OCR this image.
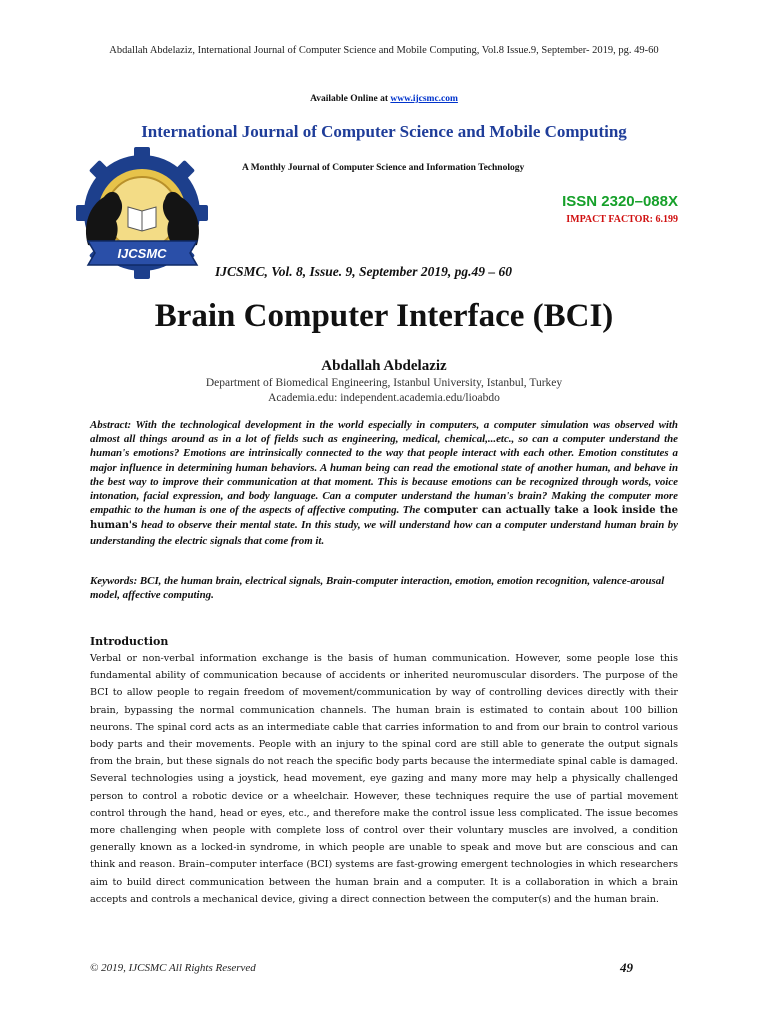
Abdallah Abdelaziz, International Journal of Computer Science and Mobile Computing, Vol.8 Issue.9, September- 2019, pg. 49-60
Available Online at www.ijcsmc.com
International Journal of Computer Science and Mobile Computing
IJCSMC
A Monthly Journal of Computer Science and Information Technology
ISSN 2320–088X
IMPACT FACTOR: 6.199
IJCSMC, Vol. 8, Issue. 9, September 2019, pg.49 – 60
Brain Computer Interface (BCI)
Abdallah Abdelaziz
Department of Biomedical Engineering, Istanbul University, Istanbul, Turkey
Academia.edu: independent.academia.edu/lioabdo

Abstract: With the technological development in the world especially in computers, a computer simulation was observed with almost all things around as in a lot of fields such as engineering, medical, chemical,...etc., so can a computer understand the human's emotions? Emotions are intrinsically connected to the way that people interact with each other. Emotion constitutes a major influence in determining human behaviors. A human being can read the emotional state of another human, and behave in the best way to improve their communication at that moment. This is because emotions can be recognized through words, voice intonation, facial expression, and body language. Can a computer understand the human's brain? Making the computer more empathic to the human is one of the aspects of affective computing. The computer can actually take a look inside the human's head to observe their mental state. In this study, we will understand how can a computer understand human brain by understanding the electric signals that come from it.

Keywords: BCI, the human brain, electrical signals, Brain-computer interaction, emotion, emotion recognition, valence-arousal model, affective computing.

Introduction

Verbal or non-verbal information exchange is the basis of human communication. However, some people lose this fundamental ability of communication because of accidents or inherited neuromuscular disorders. The purpose of the BCI to allow people to regain freedom of movement/communication by way of controlling devices directly with their brain, bypassing the normal communication channels. The human brain is estimated to contain about 100 billion neurons. The spinal cord acts as an intermediate cable that carries information to and from our brain to control various body parts and their movements. People with an injury to the spinal cord are still able to generate the output signals from the brain, but these signals do not reach the specific body parts because the intermediate spinal cable is damaged. Several technologies using a joystick, head movement, eye gazing and many more may help a physically challenged person to control a robotic device or a wheelchair. However, these techniques require the use of partial movement control through the hand, head or eyes, etc., and therefore make the control issue less complicated. The issue becomes more challenging when people with complete loss of control over their voluntary muscles are involved, a condition generally known as a locked-in syndrome, in which people are unable to speak and move but are conscious and can think and reason. Brain–computer interface (BCI) systems are fast-growing emergent technologies in which researchers aim to build direct communication between the human brain and a computer. It is a collaboration in which a brain accepts and controls a mechanical device, giving a direct connection between the computer(s) and the human brain.

© 2019, IJCSMC All Rights Reserved	49
